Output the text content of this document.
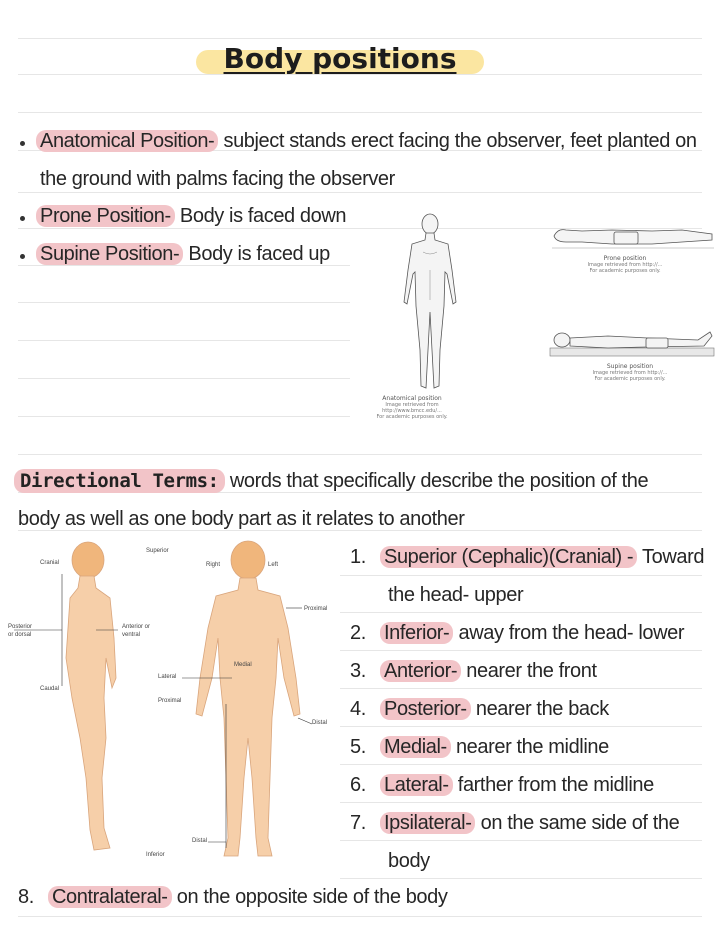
Body positions
Anatomical Position- subject stands erect facing the observer, feet planted on
the ground with palms facing the observer
Prone Position- Body is faced down
Supine Position- Body is faced up
Anatomical position
Image retrieved from
http://www.bmcc.edu/...
For academic purposes only.
Prone position
Image retrieved from http://...
For academic purposes only.
Supine position
Image retrieved from http://...
For academic purposes only.
Directional Terms: words that specifically describe the position of the
body as well as one body part as it relates to another
Superior
Inferior
Cranial
Caudal
Posterior
or dorsal
Anterior or
ventral
Right	Left
Medial
Lateral
Proximal
Proximal
Distal
Distal
1. Superior (Cephalic)(Cranial) - Toward
the head- upper
2. Inferior- away from the head- lower
3. Anterior- nearer the front
4. Posterior- nearer the back
5. Medial- nearer the midline
6. Lateral- farther from the midline
7. Ipsilateral- on the same side of the
body
8. Contralateral- on the opposite side of the body
